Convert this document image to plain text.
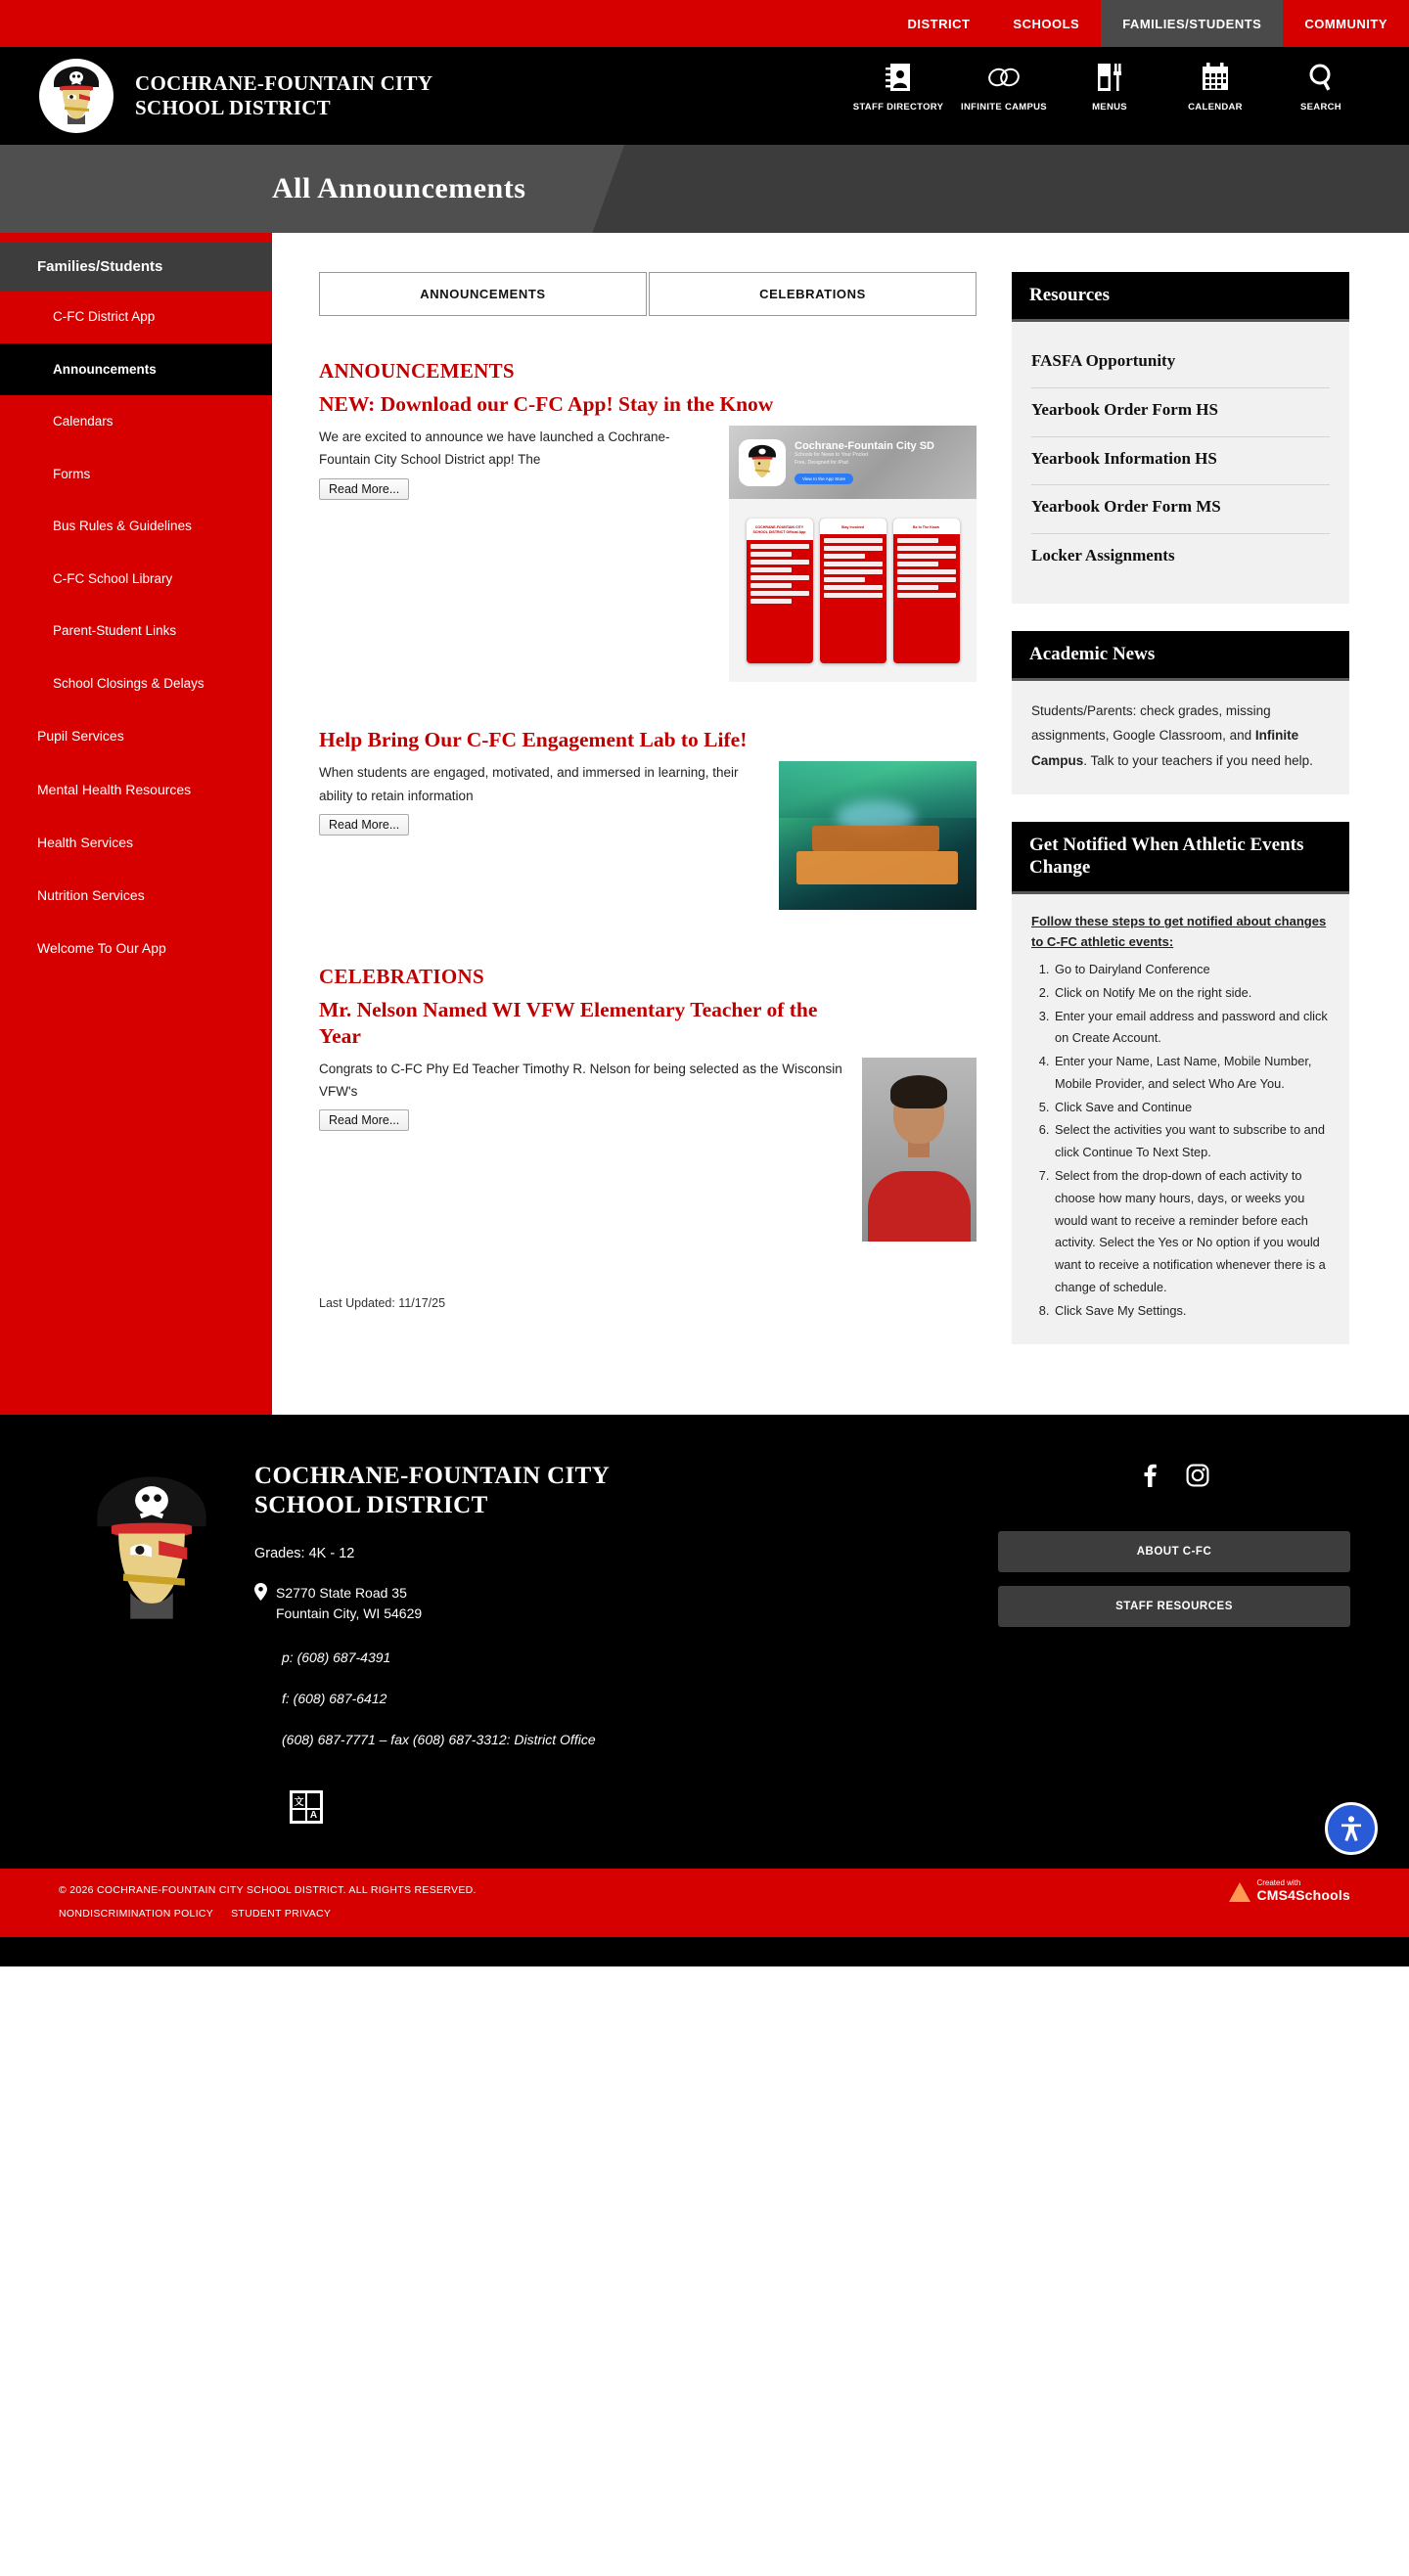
DISTRICT	SCHOOLS	FAMILIES/STUDENTS	COMMUNITY
COCHRANE-FOUNTAIN CITY
SCHOOL DISTRICT	STAFF DIRECTORY INFINITE CAMPUS	MENUS	CALENDAR	SEARCH
All Announcements
Families/Students
C-FC District App
Announcements
Calendars
Forms
Bus Rules & Guidelines
C-FC School Library
Parent-Student Links
School Closings & Delays
Pupil Services
Mental Health Resources
Health Services
Nutrition Services
Welcome To Our App
ANNOUNCEMENTS	CELEBRATIONS
ANNOUNCEMENTS
NEW: Download our C-FC App! Stay in the Know
We are excited to announce we have launched a Cochrane-Fountain City School District app! The
Read More...
Cochrane-Fountain City SD
Schools for News to Your Pocket
Free, Designed for iPad
View In the App Store

COCHRANE-FOUNTAIN CITY SCHOOL DISTRICT Official App
Stay Involved	Be In The Know
Help Bring Our C-FC Engagement Lab to Life!
When students are engaged, motivated, and immersed in learning, their ability to retain information
Read More...
CELEBRATIONS
Mr. Nelson Named WI VFW Elementary Teacher of the Year
Congrats to C-FC Phy Ed Teacher Timothy R. Nelson for being selected as the Wisconsin VFW's
Read More...
Last Updated: 11/17/25
Resources
FASFA Opportunity
Yearbook Order Form HS
Yearbook Information HS
Yearbook Order Form MS
Locker Assignments
Academic News
Students/Parents: check grades, missing assignments, Google Classroom, and Infinite Campus. Talk to your teachers if you need help.
Get Notified When Athletic Events Change
Follow these steps to get notified about changes to C-FC athletic events:
1. Go to Dairyland Conference
2. Click on Notify Me on the right side.
3. Enter your email address and password and click on Create Account.
4. Enter your Name, Last Name, Mobile Number, Mobile Provider, and select Who Are You.
5. Click Save and Continue
6. Select the activities you want to subscribe to and click Continue To Next Step.
7. Select from the drop-down of each activity to choose how many hours, days, or weeks you would want to receive a reminder before each activity. Select the Yes or No option if you would want to receive a notification whenever there is a change of schedule.
8. Click Save My Settings.
COCHRANE-FOUNTAIN CITY
SCHOOL DISTRICT
Grades: 4K - 12
S2770 State Road 35
Fountain City, WI 54629
p: (608) 687-4391
f: (608) 687-6412
(608) 687-7771 – fax (608) 687-3312: District Office
文
A
ABOUT C-FC
STAFF RESOURCES
© 2026 COCHRANE-FOUNTAIN CITY SCHOOL DISTRICT. ALL RIGHTS RESERVED.
NONDISCRIMINATION POLICY STUDENT PRIVACY
Created with
CMS4Schools
